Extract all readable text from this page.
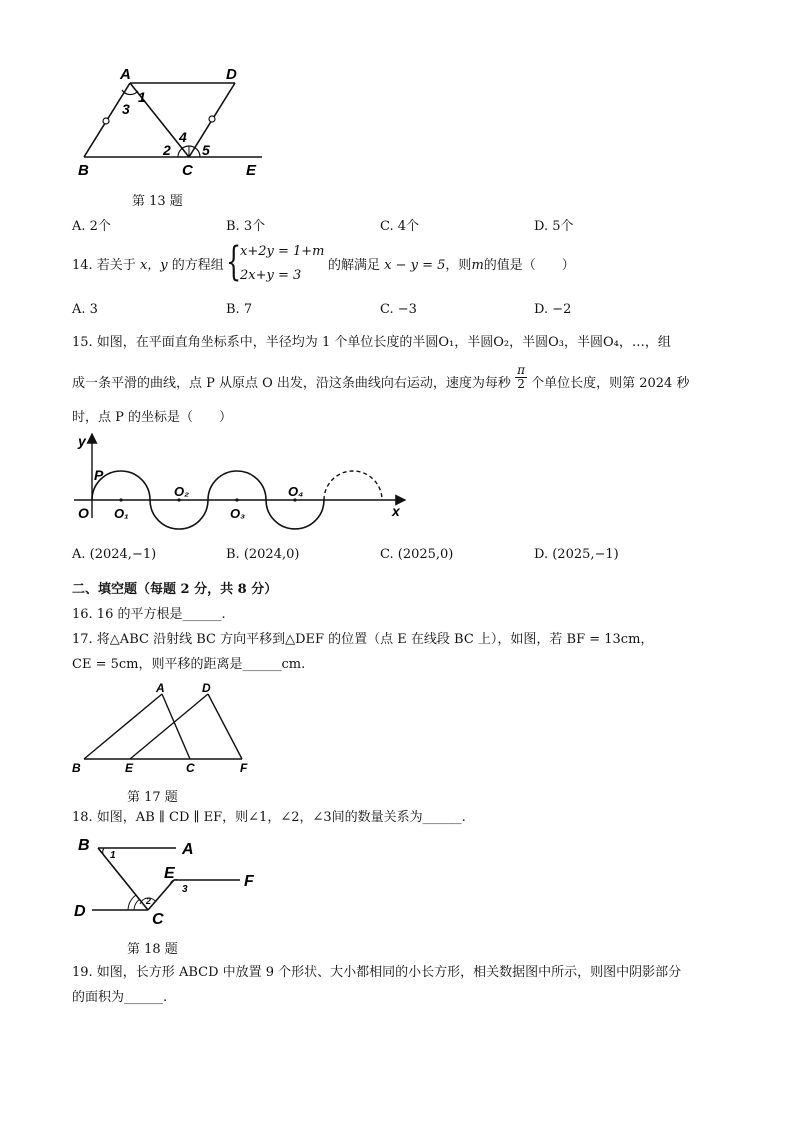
A	D
B	C	E
1
3
2
4
5
第 13 题
A. 2个	B. 3个	C. 4个	D. 5个
14. 若关于 x，y 的方程组 {
x+2y = 1+m
2x+y = 3
的解满足 x − y = 5，则m的值是（　　）
A. 3	B. 7	C. −3	D. −2
15. 如图，在平面直角坐标系中，半径均为 1 个单位长度的半圆O₁，半圆O₂，半圆O₃，半圆O₄，…，组
成一条平滑的曲线，点 P 从原点 O 出发，沿这条曲线向右运动，速度为每秒 $\frac{\pi}{2}$ 个单位长度，则第 2024 秒
时，点 P 的坐标是（　　）
y
x
P
O O₁
O₂
O₃
O₄
A. (2024,−1)	B. (2024,0)	C. (2025,0)	D. (2025,−1)
二、填空题（每题 2 分，共 8 分）
16. 16 的平方根是______.
17. 将△ABC 沿射线 BC 方向平移到△DEF 的位置（点 E 在线段 BC 上），如图，若 BF = 13cm，
CE = 5cm，则平移的距离是______cm.
A	D
B	E	C	F
第 17 题
18. 如图，AB ∥ CD ∥ EF，则∠1，∠2，∠3间的数量关系为______.
B	A
E	F
D	C
1
2
3
第 18 题
19. 如图，长方形 ABCD 中放置 9 个形状、大小都相同的小长方形，相关数据图中所示，则图中阴影部分
的面积为______.
